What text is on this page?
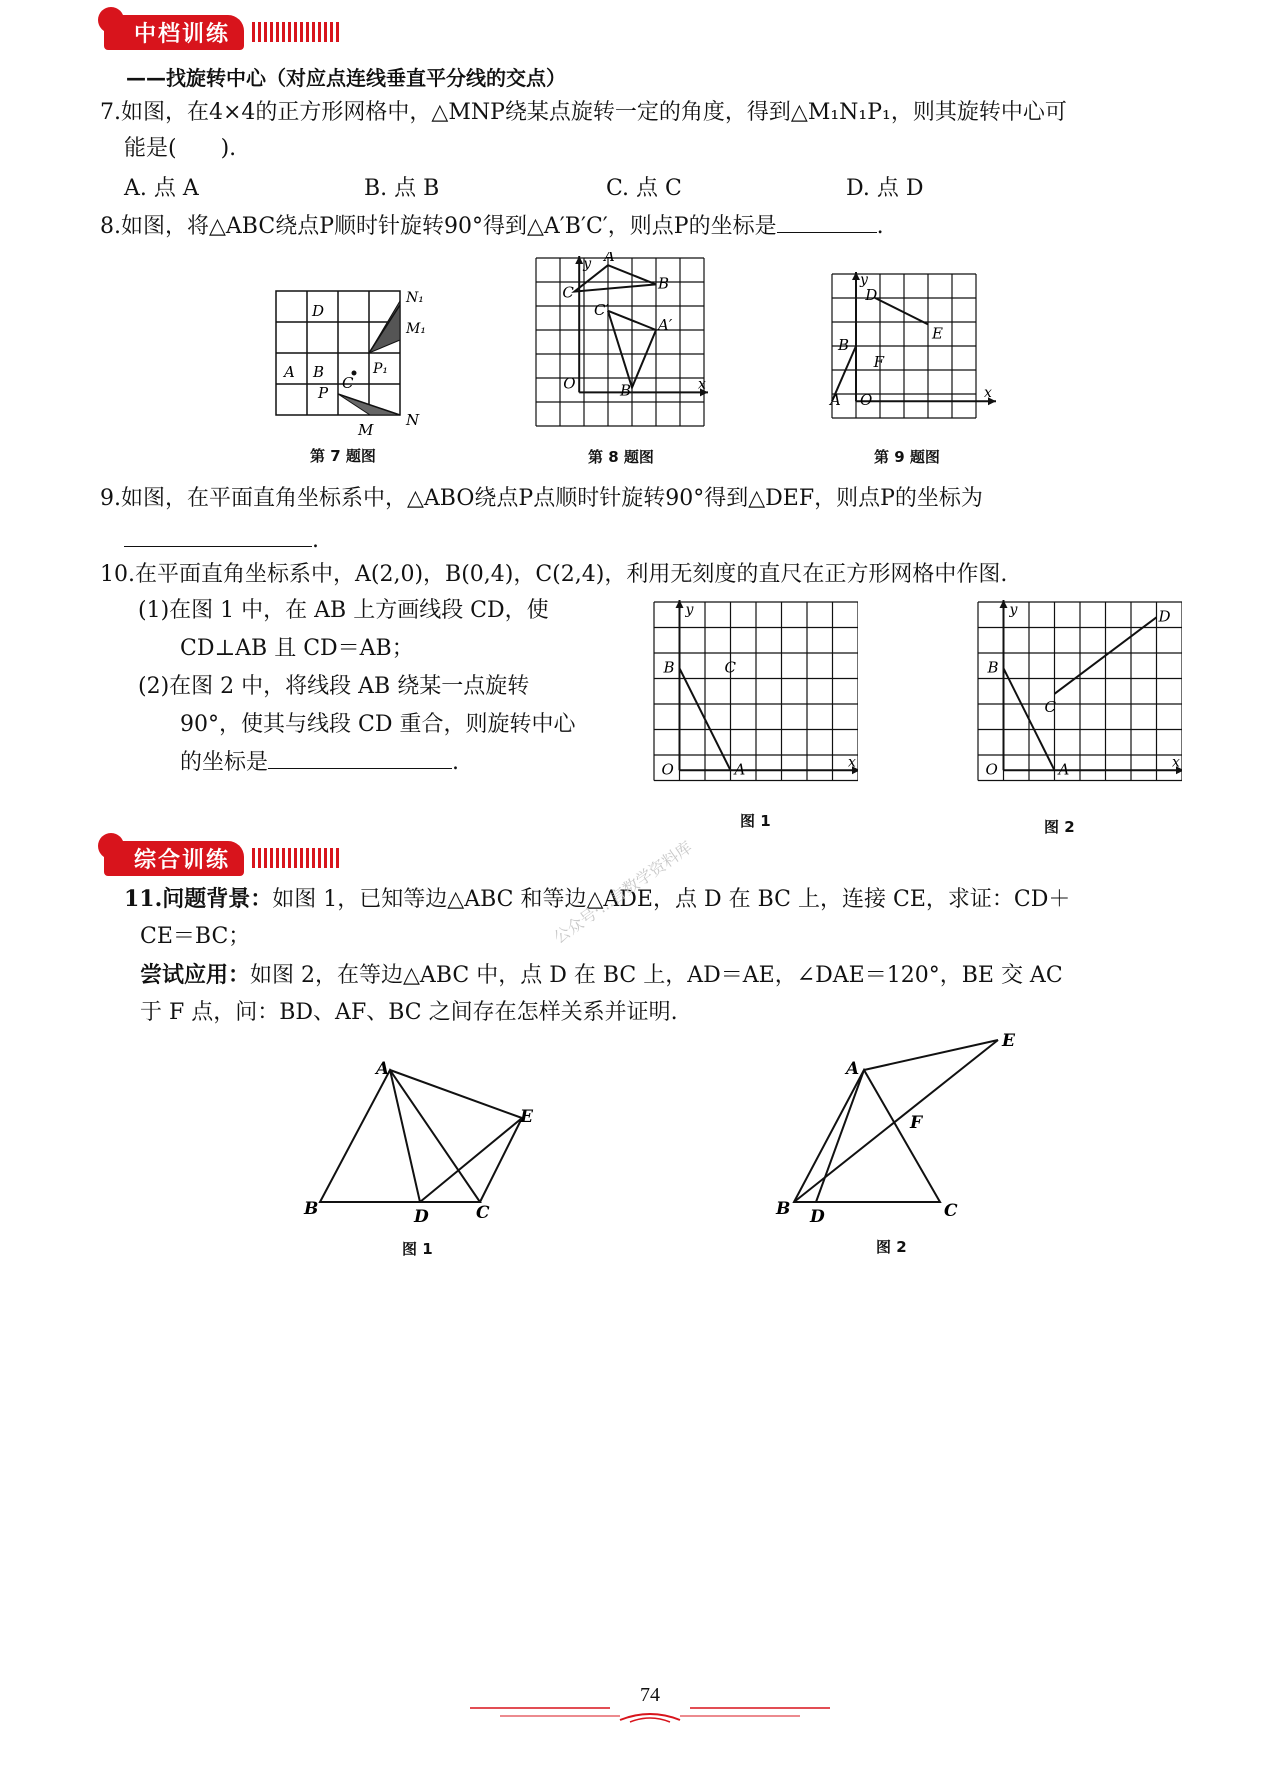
中档训练
——找旋转中心（对应点连线垂直平分线的交点）
7.如图，在4×4的正方形网格中，△MNP绕某点旋转一定的角度，得到△M₁N₁P₁，则其旋转中心可
能是(　　).
A. 点 A	B. 点 B	C. 点 C	D. 点 D
8.如图，将△ABC绕点P顺时针旋转90°得到△A′B′C′，则点P的坐标是	.
N₁
M₁
D
A B
C
P₁
P
M
N
第 7 题图
y
x
O
A
B
C
C′
A′
B′
第 8 题图
y
x
A O
B
D
E
F
第 9 题图
9.如图，在平面直角坐标系中，△ABO绕点P点顺时针旋转90°得到△DEF，则点P的坐标为
.
10.在平面直角坐标系中，A(2,0)，B(0,4)，C(2,4)，利用无刻度的直尺在正方形网格中作图.
(1)在图 1 中，在 AB 上方画线段 CD，使
CD⊥AB 且 CD＝AB；
(2)在图 2 中，将线段 AB 绕某一点旋转
90°，使其与线段 CD 重合，则旋转中心
的坐标是	.
y
x
O	A
B	C
图 1
y
x
O	A
B
C
D
图 2
综合训练
11.问题背景：如图 1，已知等边△ABC 和等边△ADE，点 D 在 BC 上，连接 CE，求证：CD＋
CE＝BC；
尝试应用：如图 2，在等边△ABC 中，点 D 在 BC 上，AD＝AE，∠DAE＝120°，BE 交 AC
于 F 点，问：BD、AF、BC 之间存在怎样关系并证明.
公众号·...言数学资料库
A
B	D	C
E
图 1
A
B D	C
E
F
图 2
74
